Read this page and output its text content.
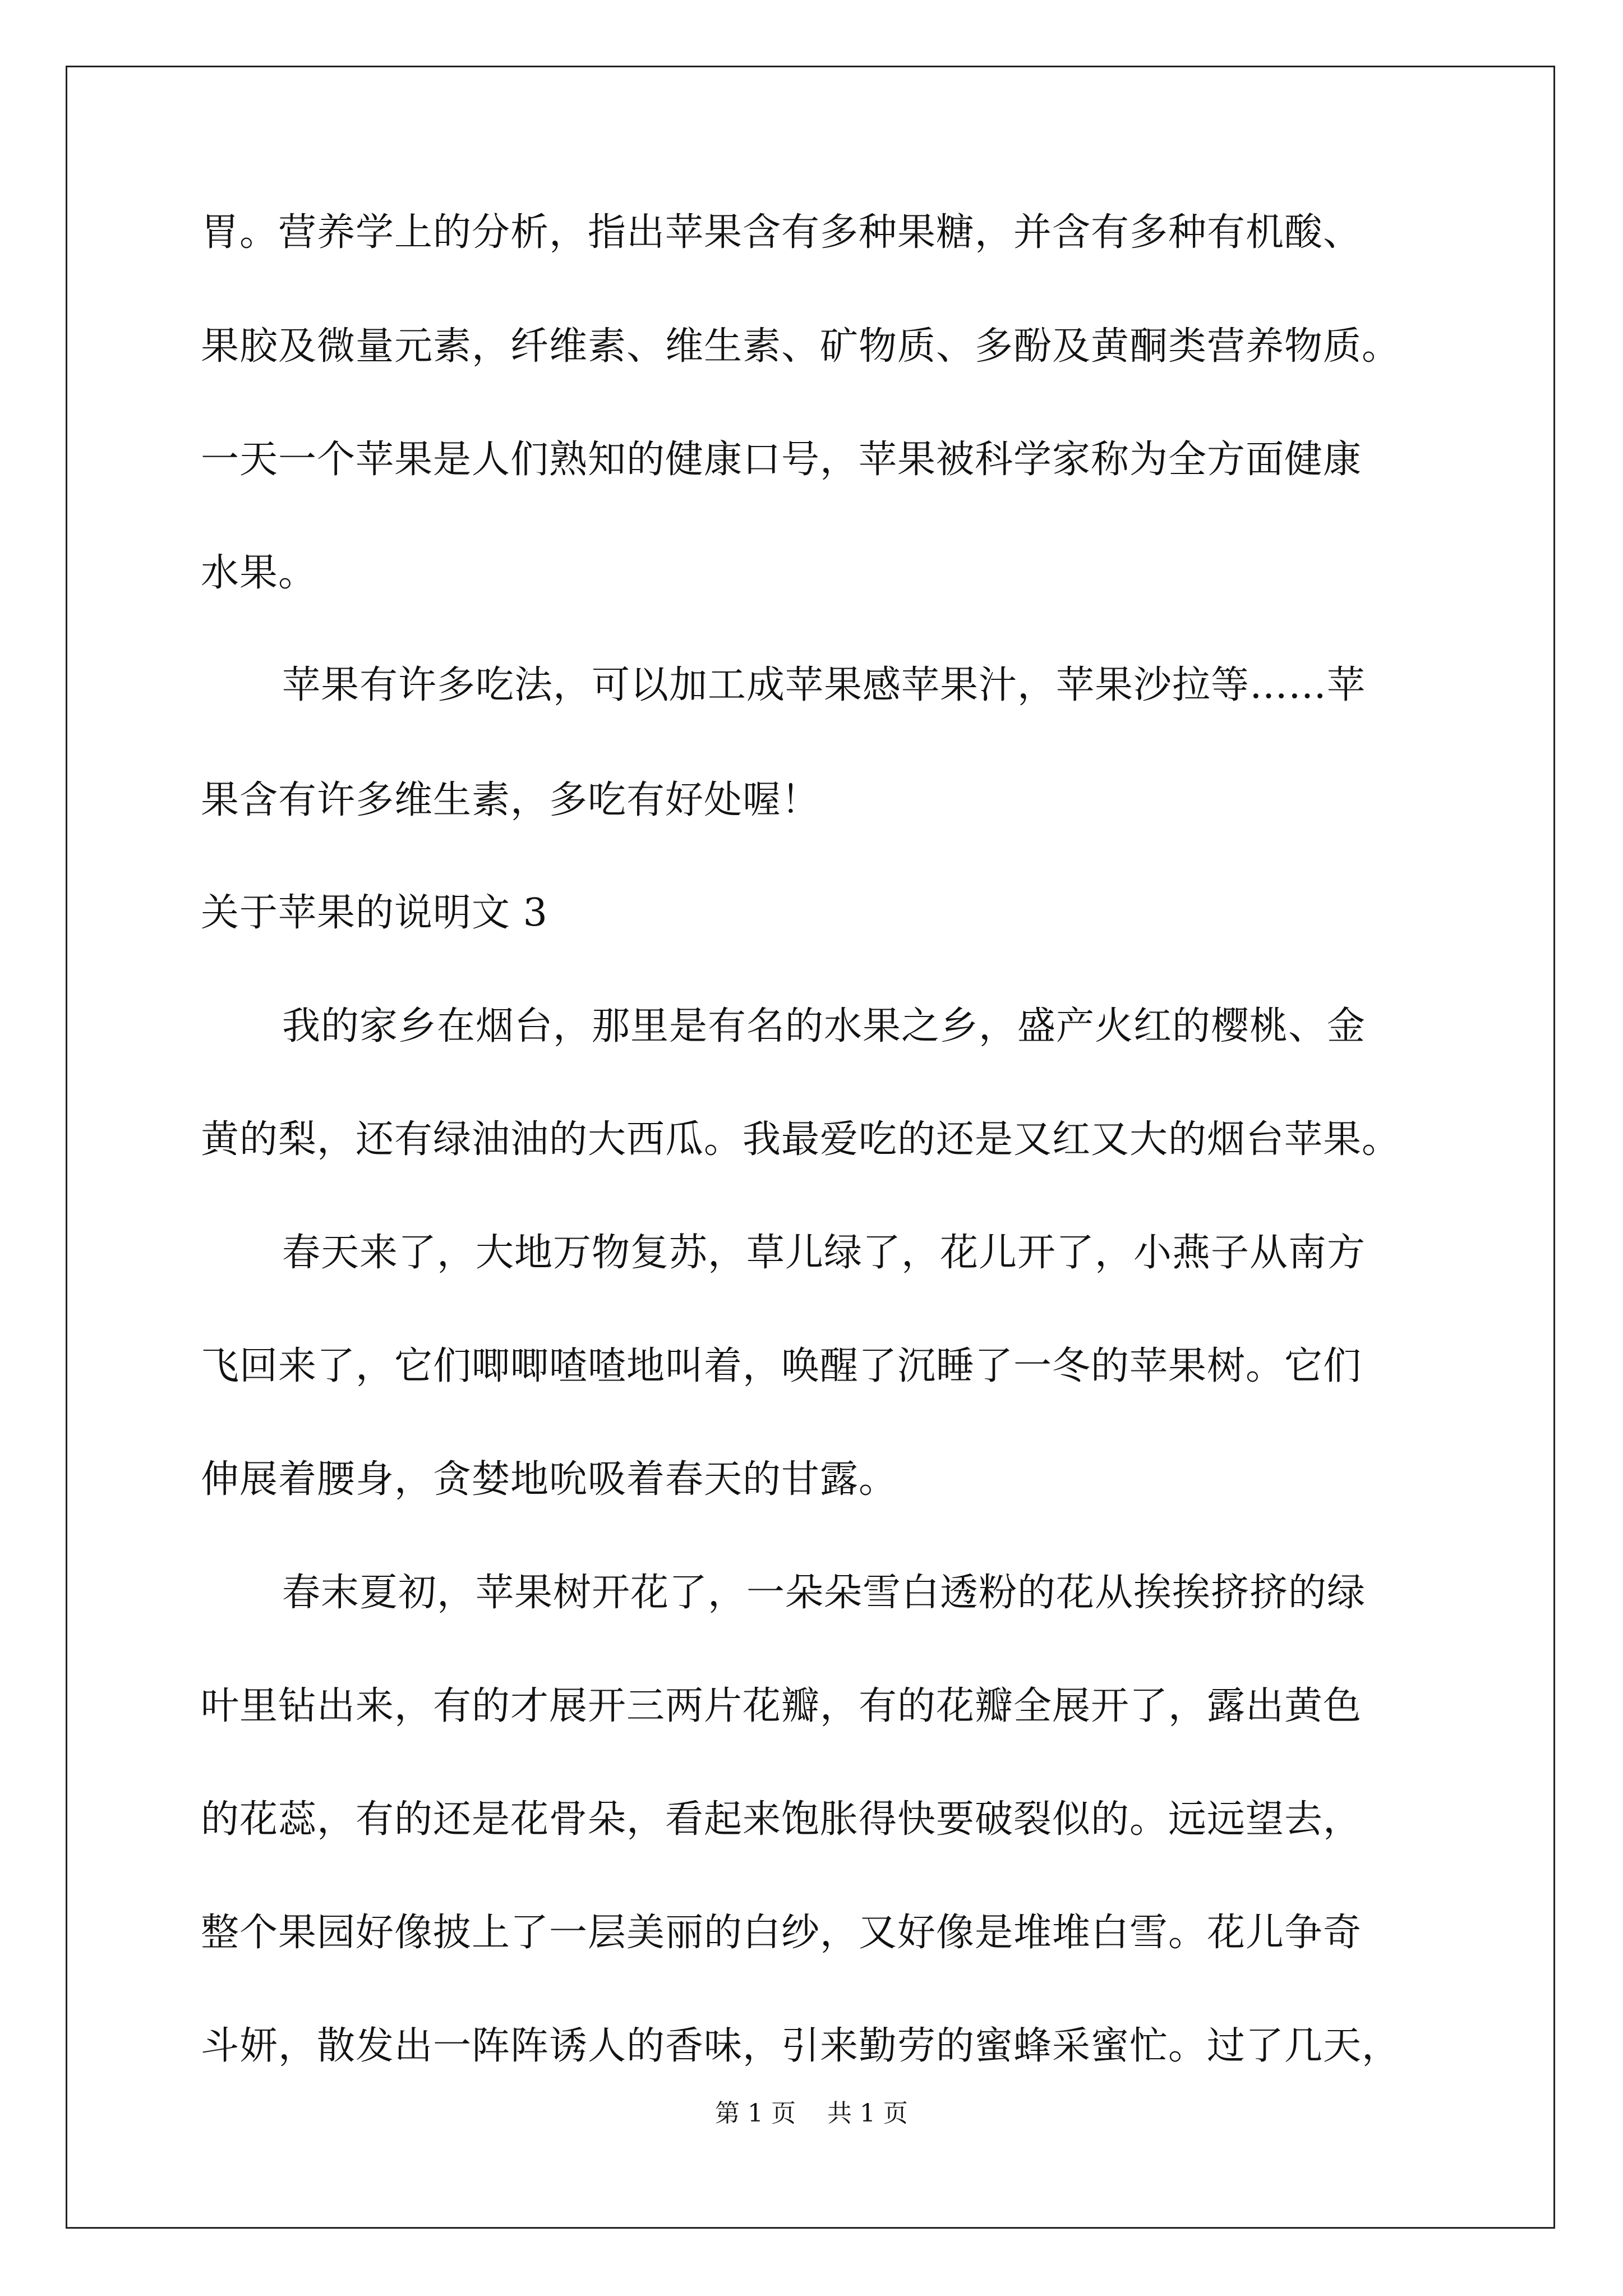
胃。营养学上的分析，指出苹果含有多种果糖，并含有多种有机酸、
果胶及微量元素，纤维素、维生素、矿物质、多酚及黄酮类营养物质。
一天一个苹果是人们熟知的健康口号，苹果被科学家称为全方面健康
水果。
苹果有许多吃法，可以加工成苹果感苹果汁，苹果沙拉等……苹
果含有许多维生素，多吃有好处喔！
关于苹果的说明文 3
我的家乡在烟台，那里是有名的水果之乡，盛产火红的樱桃、金
黄的梨，还有绿油油的大西瓜。我最爱吃的还是又红又大的烟台苹果。
春天来了，大地万物复苏，草儿绿了，花儿开了，小燕子从南方
飞回来了，它们唧唧喳喳地叫着，唤醒了沉睡了一冬的苹果树。它们
伸展着腰身，贪婪地吮吸着春天的甘露。
春末夏初，苹果树开花了，一朵朵雪白透粉的花从挨挨挤挤的绿
叶里钻出来，有的才展开三两片花瓣，有的花瓣全展开了，露出黄色
的花蕊，有的还是花骨朵，看起来饱胀得快要破裂似的。远远望去，
整个果园好像披上了一层美丽的白纱，又好像是堆堆白雪。花儿争奇
斗妍，散发出一阵阵诱人的香味，引来勤劳的蜜蜂采蜜忙。过了几天，
第 1 页    共 1 页
